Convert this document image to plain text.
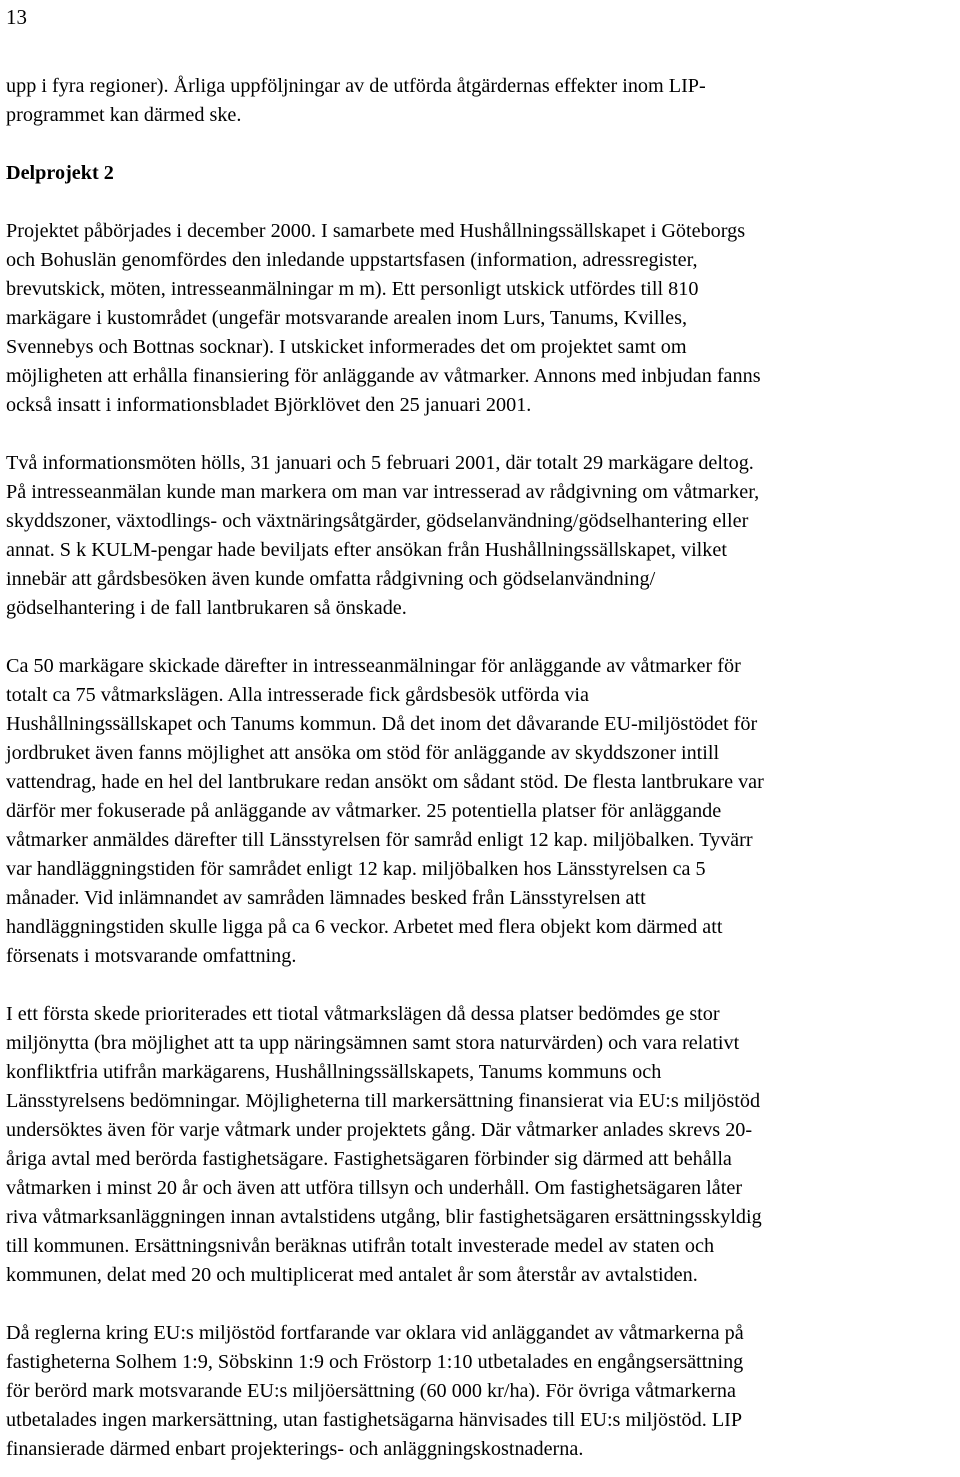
13
upp i fyra regioner). Årliga uppföljningar av de utförda åtgärdernas effekter inom LIP-
programmet kan därmed ske.
Delprojekt 2
Projektet påbörjades i december 2000. I samarbete med Hushållningssällskapet i Göteborgs
och Bohuslän genomfördes den inledande uppstartsfasen (information, adressregister,
brevutskick, möten, intresseanmälningar m m). Ett personligt utskick utfördes till 810
markägare i kustområdet (ungefär motsvarande arealen inom Lurs, Tanums, Kvilles,
Svennebys och Bottnas socknar). I utskicket informerades det om projektet samt om
möjligheten att erhålla finansiering för anläggande av våtmarker. Annons med inbjudan fanns
också insatt i informationsbladet Björklövet den 25 januari 2001.
Två informationsmöten hölls, 31 januari och 5 februari 2001, där totalt 29 markägare deltog.
På intresseanmälan kunde man markera om man var intresserad av rådgivning om våtmarker,
skyddszoner, växtodlings- och växtnäringsåtgärder, gödselanvändning/gödselhantering eller
annat. S k KULM-pengar hade beviljats efter ansökan från Hushållningssällskapet, vilket
innebär att gårdsbesöken även kunde omfatta rådgivning och gödselanvändning/
gödselhantering i de fall lantbrukaren så önskade.
Ca 50 markägare skickade därefter in intresseanmälningar för anläggande av våtmarker för
totalt ca 75 våtmarkslägen. Alla intresserade fick gårdsbesök utförda via
Hushållningssällskapet och Tanums kommun. Då det inom det dåvarande EU-miljöstödet för
jordbruket även fanns möjlighet att ansöka om stöd för anläggande av skyddszoner intill
vattendrag, hade en hel del lantbrukare redan ansökt om sådant stöd. De flesta lantbrukare var
därför mer fokuserade på anläggande av våtmarker. 25 potentiella platser för anläggande
våtmarker anmäldes därefter till Länsstyrelsen för samråd enligt 12 kap. miljöbalken. Tyvärr
var handläggningstiden för samrådet enligt 12 kap. miljöbalken hos Länsstyrelsen ca 5
månader. Vid inlämnandet av samråden lämnades besked från Länsstyrelsen att
handläggningstiden skulle ligga på ca 6 veckor. Arbetet med flera objekt kom därmed att
försenats i motsvarande omfattning.
I ett första skede prioriterades ett tiotal våtmarkslägen då dessa platser bedömdes ge stor
miljönytta (bra möjlighet att ta upp näringsämnen samt stora naturvärden) och vara relativt
konfliktfria utifrån markägarens, Hushållningssällskapets, Tanums kommuns och
Länsstyrelsens bedömningar. Möjligheterna till markersättning finansierat via EU:s miljöstöd
undersöktes även för varje våtmark under projektets gång. Där våtmarker anlades skrevs 20-
åriga avtal med berörda fastighetsägare. Fastighetsägaren förbinder sig därmed att behålla
våtmarken i minst 20 år och även att utföra tillsyn och underhåll. Om fastighetsägaren låter
riva våtmarksanläggningen innan avtalstidens utgång, blir fastighetsägaren ersättningsskyldig
till kommunen. Ersättningsnivån beräknas utifrån totalt investerade medel av staten och
kommunen, delat med 20 och multiplicerat med antalet år som återstår av avtalstiden.
Då reglerna kring EU:s miljöstöd fortfarande var oklara vid anläggandet av våtmarkerna på
fastigheterna Solhem 1:9, Söbskinn 1:9 och Fröstorp 1:10 utbetalades en engångsersättning
för berörd mark motsvarande EU:s miljöersättning (60 000 kr/ha). För övriga våtmarkerna
utbetalades ingen markersättning, utan fastighetsägarna hänvisades till EU:s miljöstöd. LIP
finansierade därmed enbart projekterings- och anläggningskostnaderna.
